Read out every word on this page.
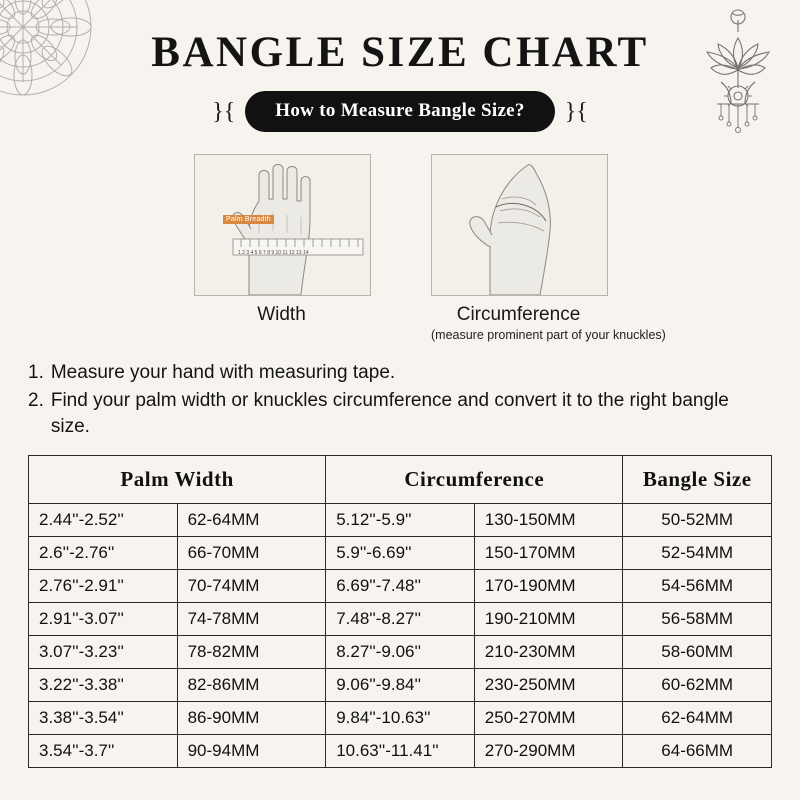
BANGLE SIZE CHART
}{	How to Measure Bangle Size?	}{
1 2 3 4 5 6 7 8 9 10 11 12 13 14
Palm Breadth
Width	Circumference
(measure prominent part of your knuckles)
1. Measure your hand with measuring tape.
2. Find your palm width or knuckles circumference and convert it to the right bangle size.
Palm Width		Circumference		Bangle Size
2.44''-2.52''	62-64MM	5.12''-5.9''	130-150MM	50-52MM
2.6''-2.76''	66-70MM	5.9''-6.69''	150-170MM	52-54MM
2.76''-2.91''	70-74MM	6.69''-7.48''	170-190MM	54-56MM
2.91''-3.07''	74-78MM	7.48''-8.27''	190-210MM	56-58MM
3.07''-3.23''	78-82MM	8.27''-9.06''	210-230MM	58-60MM
3.22''-3.38''	82-86MM	9.06''-9.84''	230-250MM	60-62MM
3.38''-3.54''	86-90MM	9.84''-10.63''	250-270MM	62-64MM
3.54''-3.7''	90-94MM	10.63''-11.41''	270-290MM	64-66MM
